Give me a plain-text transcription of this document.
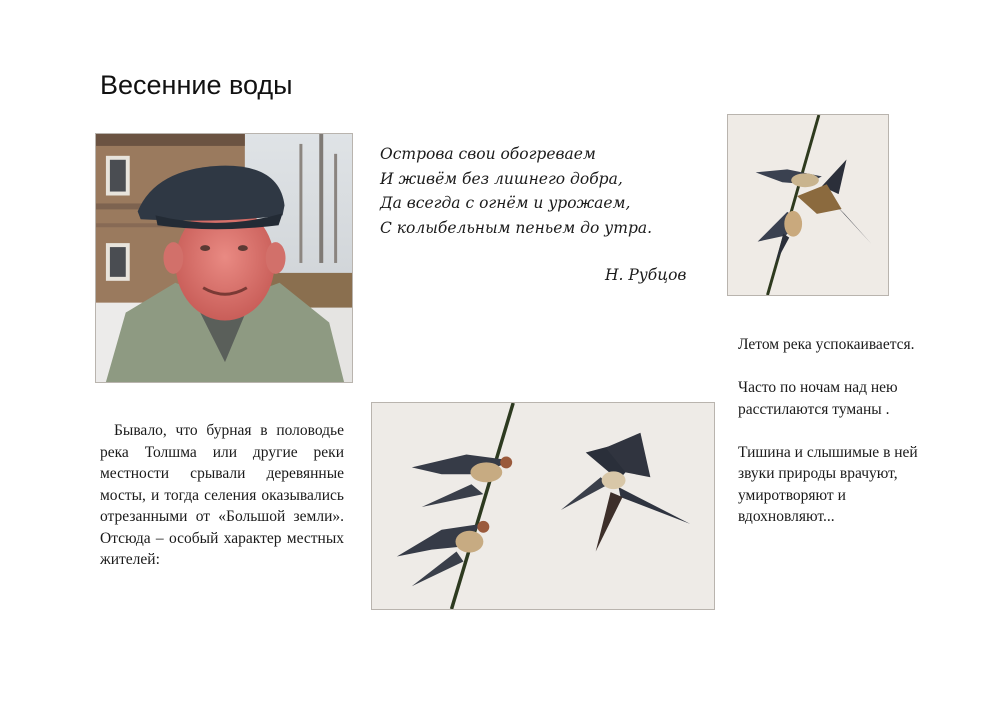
Весенние воды
Острова свои обогреваем
И живём без лишнего добра,
Да всегда с огнём и урожаем,
С колыбельным пеньем до утра.
Н. Рубцов

Бывало, что бурная в половодье река Толшма или другие реки местности срывали деревянные мосты, и тогда селения оказывались отрезанными от «Большой земли». Отсюда – особый характер местных жителей:

Летом река успокаивается.

Часто по ночам над нею расстилаются туманы .

Тишина и слышимые в ней звуки природы врачуют, умиротворяют и вдохновляют...
